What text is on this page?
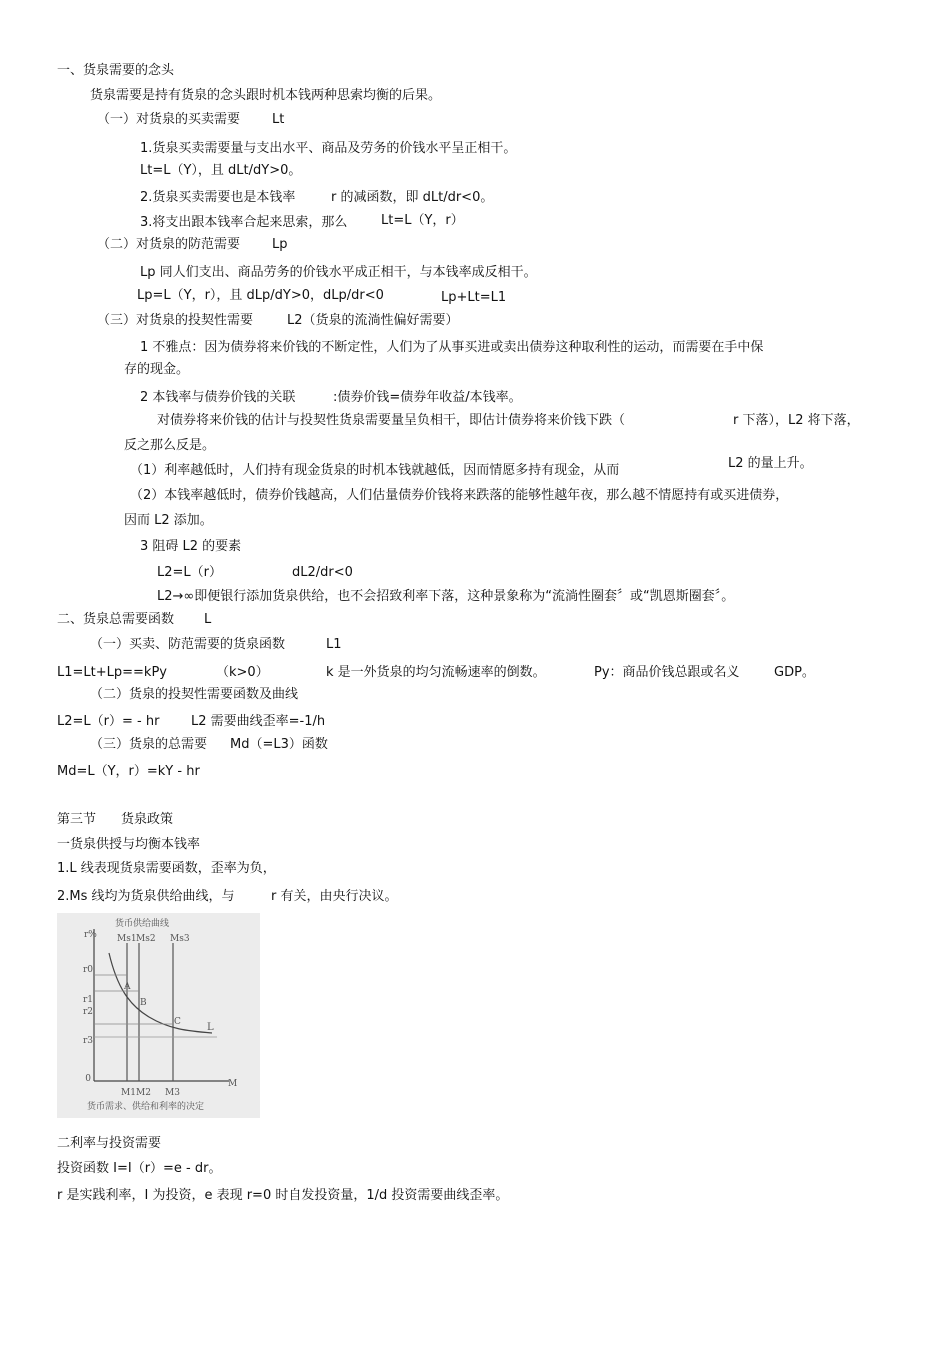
一、货泉需要的念头
货泉需要是持有货泉的念头跟时机本钱两种思索均衡的后果。
（一）对货泉的买卖需要 Lt
1.货泉买卖需要量与支出水平、商品及劳务的价钱水平呈正相干。
Lt=L（Y），且 dLt/dY>0。
2.货泉买卖需要也是本钱率	r 的减函数，即 dLt/dr<0。
3.将支出跟本钱率合起来思索，那么	Lt=L（Y，r）
（二）对货泉的防范需要 Lp
Lp 同人们支出、商品劳务的价钱水平成正相干，与本钱率成反相干。
Lp=L（Y，r），且 dLp/dY>0，dLp/dr<0	Lp+Lt=L1
（三）对货泉的投契性需要	L2（货泉的流淌性偏好需要）
1 不雅点：因为债券将来价钱的不断定性，人们为了从事买进或卖出债券这种取利性的运动，而需要在手中保
存的现金。
2 本钱率与债券价钱的关联	:债券价钱=债券年收益/本钱率。
对债券将来价钱的估计与投契性货泉需要量呈负相干，即估计债券将来价钱下跌（	r 下落），L2 将下落，
反之那么反是。
（1）利率越低时，人们持有现金货泉的时机本钱就越低，因而情愿多持有现金，从而	L2 的量上升。
（2）本钱率越低时，债券价钱越高，人们估量债券价钱将来跌落的能够性越年夜，那么越不情愿持有或买进债券，
因而 L2 添加。
3 阻碍 L2 的要素
L2=L（r）	dL2/dr<0
L2→∞即便银行添加货泉供给，也不会招致利率下落，这种景象称为“流淌性圈套〞或“凯恩斯圈套〞。
二、货泉总需要函数 L
（一）买卖、防范需要的货泉函数	L1
L1=Lt+Lp==kPy	（k>0）	k 是一外货泉的均匀流畅速率的倒数。	Py：商品价钱总跟或名义	GDP。
（二）货泉的投契性需要函数及曲线
L2=L（r）= - hr L2 需要曲线歪率=-1/h
（三）货泉的总需要 Md（=L3）函数
Md=L（Y，r）=kY - hr
第三节 货泉政策
一货泉供授与均衡本钱率
1.L 线表现货泉需要函数，歪率为负，
2.Ms 线均为货泉供给曲线，与	r 有关，由央行决议。
货币供给曲线
r%
M
0
Ms1 Ms2 Ms3
r0
r1
r2
r3
M1 M2 M3
A
B
C	L
货币需求、供给和利率的决定
二利率与投资需要
投资函数 I=I（r）=e - dr。
r 是实践利率，I 为投资，e 表现 r=0 时自发投资量，1/d 投资需要曲线歪率。
